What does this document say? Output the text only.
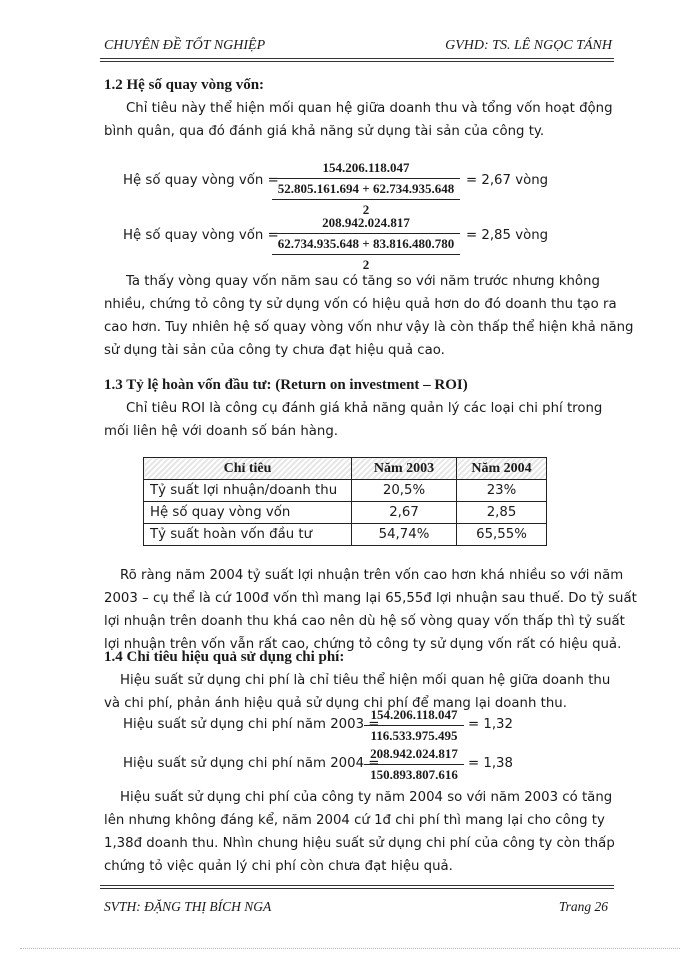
CHUYÊN ĐỀ TỐT NGHIỆP	GVHD: TS. LÊ NGỌC TÁNH
1.2 Hệ số quay vòng vốn:
Chỉ tiêu này thể hiện mối quan hệ giữa doanh thu và tổng vốn hoạt động
bình quân, qua đó đánh giá khả năng sử dụng tài sản của công ty.
Hệ số quay vòng vốn =
154.206.118.047
52.805.161.694 + 62.734.935.648
2
= 2,67 vòng
Hệ số quay vòng vốn =
208.942.024.817
62.734.935.648 + 83.816.480.780
2
= 2,85 vòng
Ta thấy vòng quay vốn năm sau có tăng so với năm trước nhưng không
nhiều, chứng tỏ công ty sử dụng vốn có hiệu quả hơn do đó doanh thu tạo ra
cao hơn. Tuy nhiên hệ số quay vòng vốn như vậy là còn thấp thể hiện khả năng
sử dụng tài sản của công ty chưa đạt hiệu quả cao.
1.3 Tỷ lệ hoàn vốn đầu tư: (Return on investment – ROI)
Chỉ tiêu ROI là công cụ đánh giá khả năng quản lý các loại chi phí trong
mối liên hệ với doanh số bán hàng.
Chỉ tiêu	Năm 2003	Năm 2004
Tỷ suất lợi nhuận/doanh thu	20,5%	23%
Hệ số quay vòng vốn	2,67	2,85
Tỷ suất hoàn vốn đầu tư	54,74%	65,55%
Rõ ràng năm 2004 tỷ suất lợi nhuận trên vốn cao hơn khá nhiều so với năm
2003 – cụ thể là cứ 100đ vốn thì mang lại 65,55đ lợi nhuận sau thuế. Do tỷ suất
lợi nhuận trên doanh thu khá cao nên dù hệ số vòng quay vốn thấp thì tỷ suất
lợi nhuận trên vốn vẫn rất cao, chứng tỏ công ty sử dụng vốn rất có hiệu quả.
1.4 Chỉ tiêu hiệu quả sử dụng chi phí:
Hiệu suất sử dụng chi phí là chỉ tiêu thể hiện mối quan hệ giữa doanh thu
và chi phí, phản ánh hiệu quả sử dụng chi phí để mang lại doanh thu.
Hiệu suất sử dụng chi phí năm 2003 =
154.206.118.047
116.533.975.495
= 1,32
Hiệu suất sử dụng chi phí năm 2004 =
208.942.024.817
150.893.807.616
= 1,38
Hiệu suất sử dụng chi phí của công ty năm 2004 so với năm 2003 có tăng
lên nhưng không đáng kể, năm 2004 cứ 1đ chi phí thì mang lại cho công ty
1,38đ doanh thu. Nhìn chung hiệu suất sử dụng chi phí của công ty còn thấp
chứng tỏ việc quản lý chi phí còn chưa đạt hiệu quả.
SVTH: ĐẶNG THỊ BÍCH NGA	Trang 26
